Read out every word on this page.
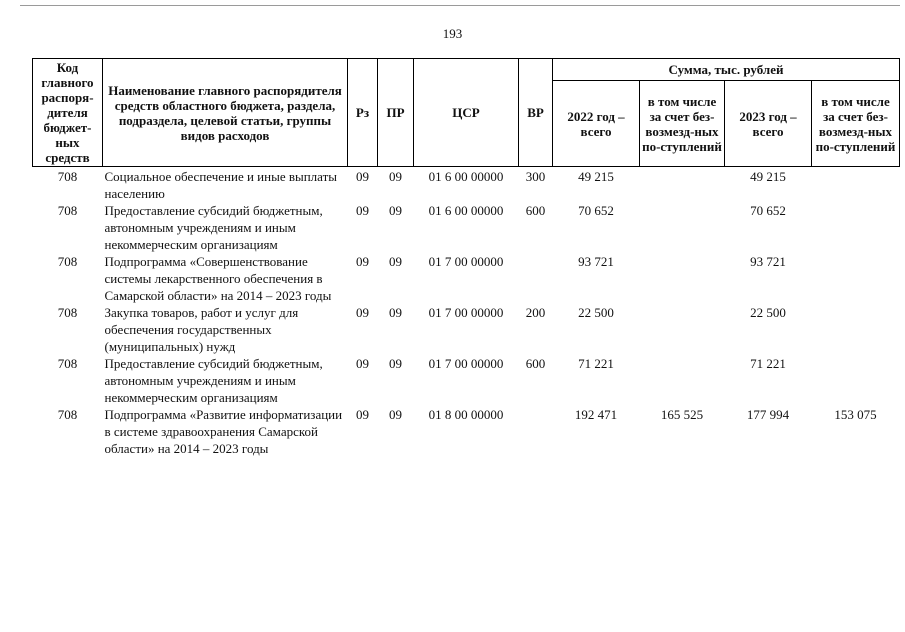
193
Код главного распоря-дителя бюджет-ных средств	Наименование главного распорядителя средств областного бюджета, раздела, подраздела, целевой статьи, группы видов расходов	Рз	ПР	ЦСР	ВР	Сумма, тыс. рублей			
						2022 год – всего	в том числе за счет без-возмезд-ных по-ступлений	2023 год – всего	в том числе за счет без-возмезд-ных по-ступлений
708	Социальное обеспечение и иные выплаты населению	09	09	01 6 00 00000	300	49 215		49 215	
708	Предоставление субсидий бюджетным, автономным учреждениям и иным некоммерческим организациям	09	09	01 6 00 00000	600	70 652		70 652	
708	Подпрограмма «Совершенствование системы лекарственного обеспечения в Самарской области» на 2014 – 2023 годы	09	09	01 7 00 00000		93 721		93 721	
708	Закупка товаров, работ и услуг для обеспечения государственных (муниципальных) нужд	09	09	01 7 00 00000	200	22 500		22 500	
708	Предоставление субсидий бюджетным, автономным учреждениям и иным некоммерческим организациям	09	09	01 7 00 00000	600	71 221		71 221	
708	Подпрограмма «Развитие информатизации в системе здравоохранения Самарской области» на 2014 – 2023 годы	09	09	01 8 00 00000		192 471	165 525	177 994	153 075
